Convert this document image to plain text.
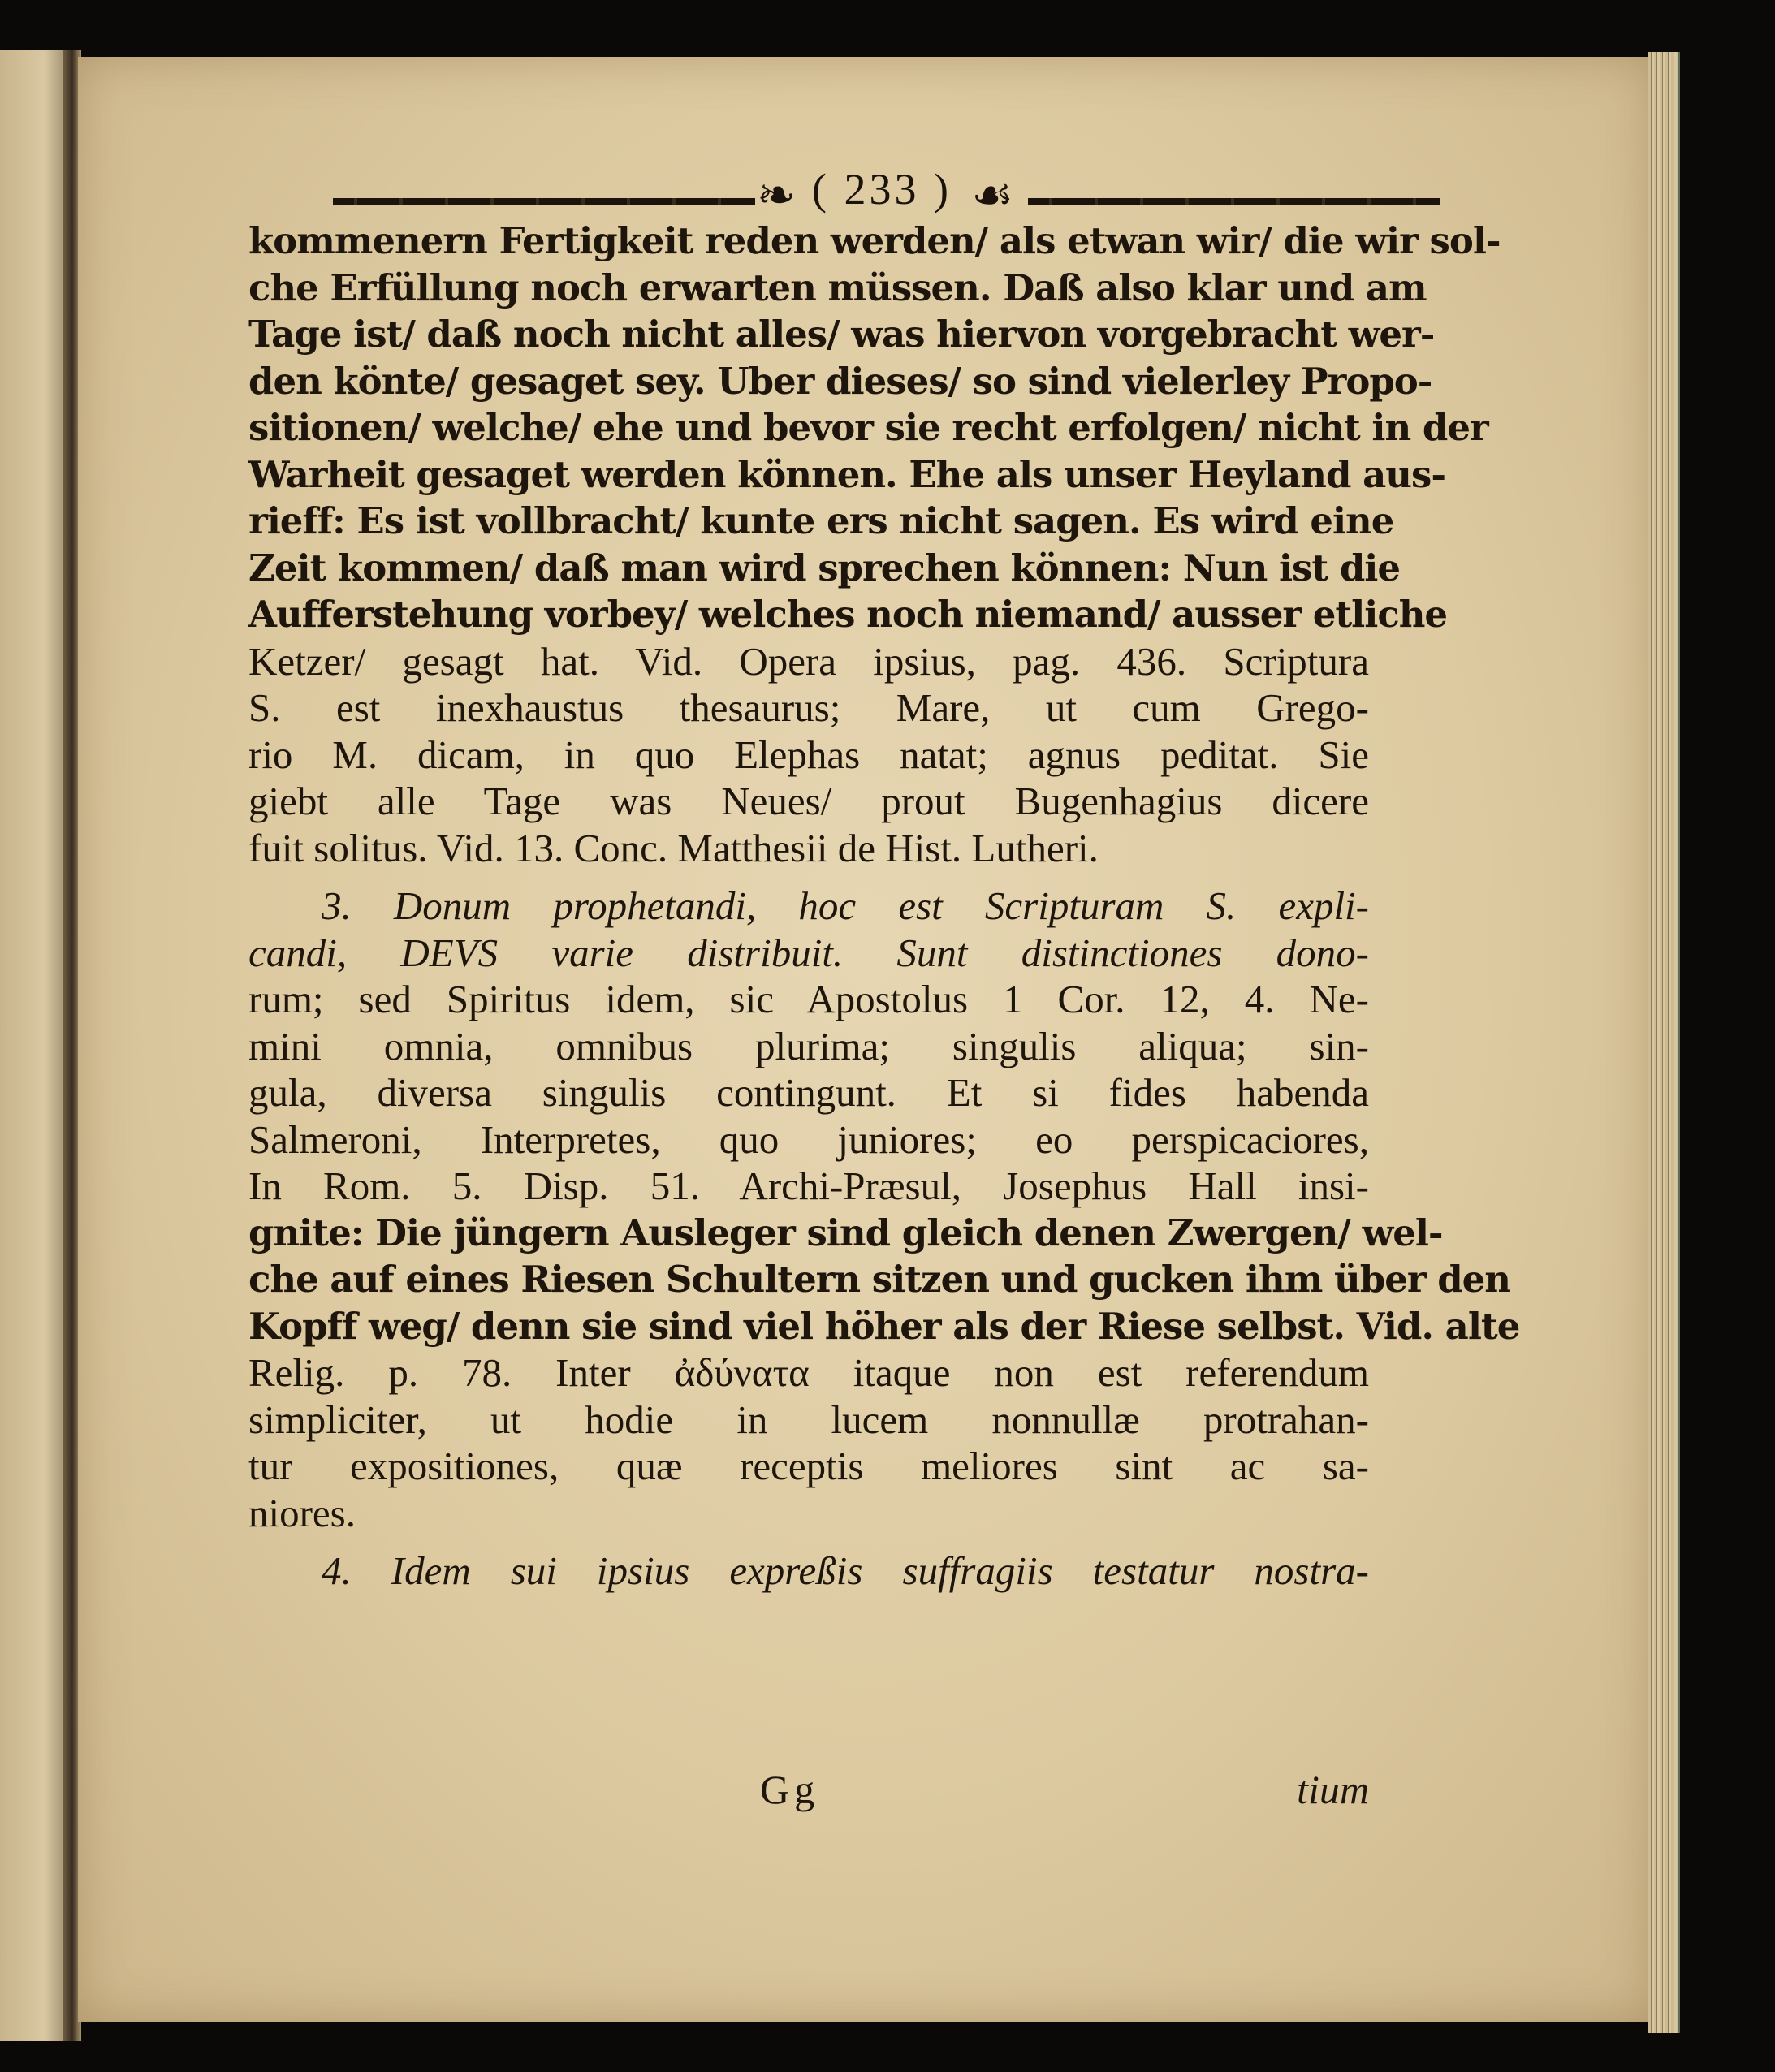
❧ ( 233 ) ☙
kommenern Fertigkeit reden werden/ als etwan wir/ die wir sol-
che Erfüllung noch erwarten müssen. Daß also klar und am
Tage ist/ daß noch nicht alles/ was hiervon vorgebracht wer-
den könte/ gesaget sey. Uber dieses/ so sind vielerley Propo-
sitionen/ welche/ ehe und bevor sie recht erfolgen/ nicht in der
Warheit gesaget werden können. Ehe als unser Heyland aus-
rieff: Es ist vollbracht/ kunte ers nicht sagen. Es wird eine
Zeit kommen/ daß man wird sprechen können: Nun ist die
Aufferstehung vorbey/ welches noch niemand/ ausser etliche
Ketzer/ gesagt hat. Vid. Opera ipsius, pag. 436. Scriptura
S. est inexhaustus thesaurus; Mare, ut cum Grego-
rio M. dicam, in quo Elephas natat; agnus peditat. Sie
giebt alle Tage was Neues/ prout Bugenhagius dicere
fuit solitus. Vid. 13. Conc. Matthesii de Hist. Lutheri.
3. Donum prophetandi, hoc est Scripturam S. expli-
candi, DEVS varie distribuit. Sunt distinctiones dono-
rum; sed Spiritus idem, sic Apostolus 1 Cor. 12, 4. Ne-
mini omnia, omnibus plurima; singulis aliqua; sin-
gula, diversa singulis contingunt. Et si fides habenda
Salmeroni, Interpretes, quo juniores; eo perspicaciores,
In Rom. 5. Disp. 51. Archi-Præsul, Josephus Hall insi-
gnite: Die jüngern Ausleger sind gleich denen Zwergen/ wel-
che auf eines Riesen Schultern sitzen und gucken ihm über den
Kopff weg/ denn sie sind viel höher als der Riese selbst. Vid. alte
Relig. p. 78. Inter ἀδύνατα itaque non est referendum
simpliciter, ut hodie in lucem nonnullæ protrahan-
tur expositiones, quæ receptis meliores sint ac sa-
niores.
4. Idem sui ipsius expreßis suffragiis testatur nostra-
Gg	tium
